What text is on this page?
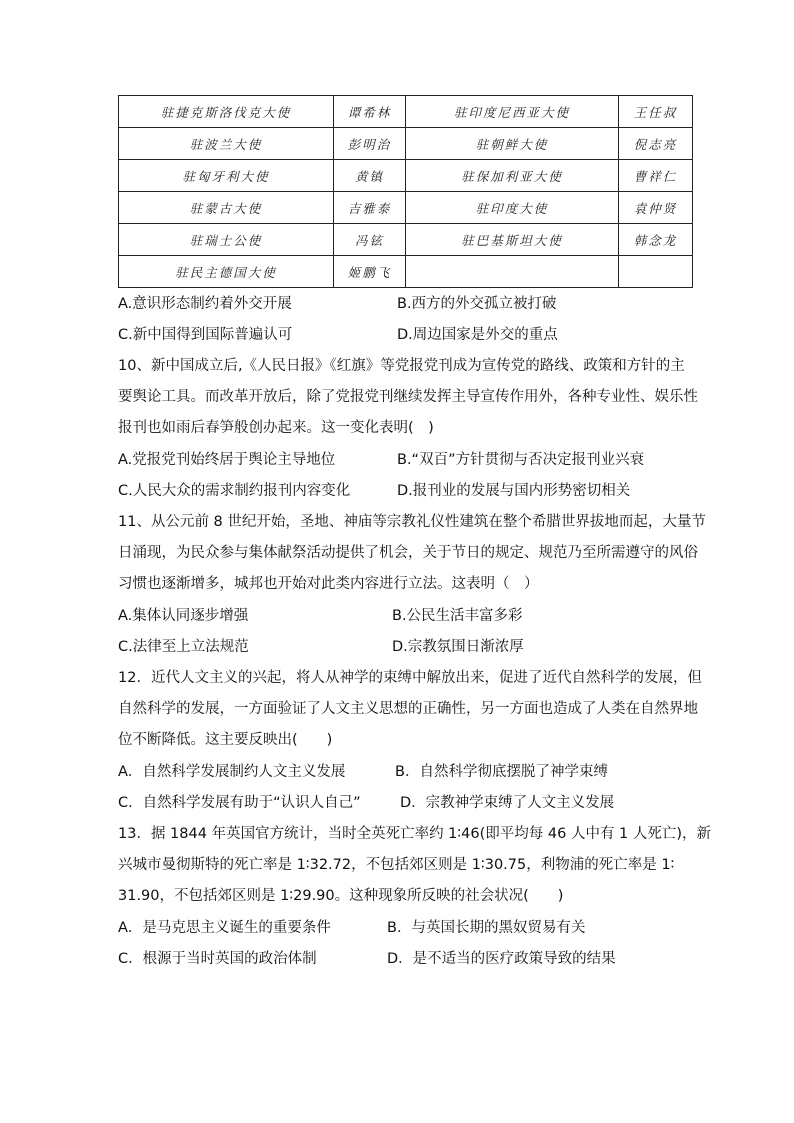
驻捷克斯洛伐克大使	谭希林	驻印度尼西亚大使	王任叔
驻波兰大使	彭明治	驻朝鲜大使	倪志亮
驻匈牙利大使	黄镇	驻保加利亚大使	曹祥仁
驻蒙古大使	吉雅泰	驻印度大使	袁仲贤
驻瑞士公使	冯铉	驻巴基斯坦大使	韩念龙
驻民主德国大使	姬鹏飞		
A.意识形态制约着外交开展	B.西方的外交孤立被打破
C.新中国得到国际普遍认可	D.周边国家是外交的重点
10、新中国成立后,《人民日报》《红旗》等党报党刊成为宣传党的路线、政策和方针的主
要舆论工具。而改革开放后，除了党报党刊继续发挥主导宣传作用外，各种专业性、娱乐性
报刊也如雨后春笋般创办起来。这一变化表明(　)
A.党报党刊始终居于舆论主导地位	B.“双百”方针贯彻与否决定报刊业兴衰
C.人民大众的需求制约报刊内容变化	D.报刊业的发展与国内形势密切相关
11、从公元前 8 世纪开始，圣地、神庙等宗教礼仪性建筑在整个希腊世界拔地而起，大量节
日涌现，为民众参与集体献祭活动提供了机会，关于节日的规定、规范乃至所需遵守的风俗
习惯也逐渐增多，城邦也开始对此类内容进行立法。这表明（　）
A.集体认同逐步增强	B.公民生活丰富多彩
C.法律至上立法规范	D.宗教氛围日渐浓厚
12．近代人文主义的兴起，将人从神学的束缚中解放出来，促进了近代自然科学的发展，但
自然科学的发展，一方面验证了人文主义思想的正确性，另一方面也造成了人类在自然界地
位不断降低。这主要反映出(　　)
A．自然科学发展制约人文主义发展	B．自然科学彻底摆脱了神学束缚
C．自然科学发展有助于“认识人自己”	D．宗教神学束缚了人文主义发展
13．据 1844 年英国官方统计，当时全英死亡率约 1∶46(即平均每 46 人中有 1 人死亡)，新
兴城市曼彻斯特的死亡率是 1∶32.72，不包括郊区则是 1∶30.75，利物浦的死亡率是 1∶
31.90，不包括郊区则是 1∶29.90。这种现象所反映的社会状况(　　)
A．是马克思主义诞生的重要条件	B．与英国长期的黑奴贸易有关
C．根源于当时英国的政治体制	D．是不适当的医疗政策导致的结果
